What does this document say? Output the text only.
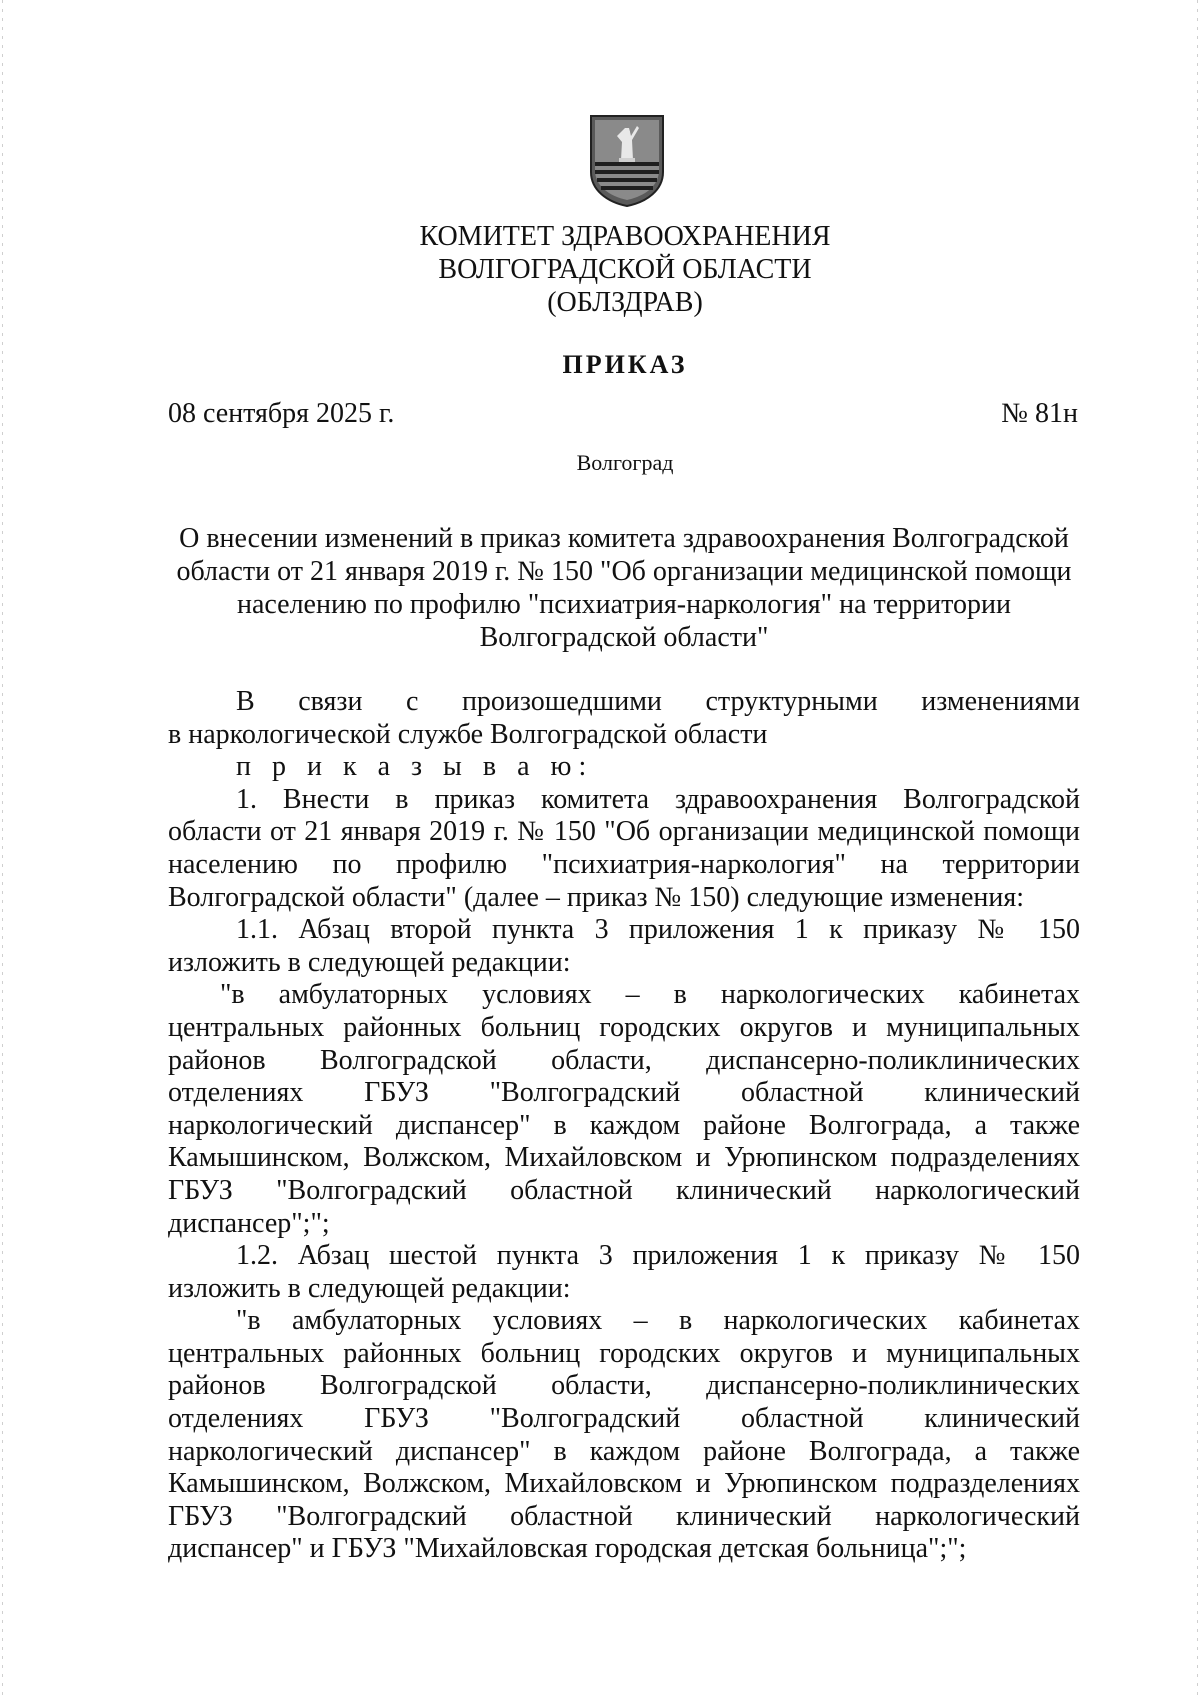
КОМИТЕТ ЗДРАВООХРАНЕНИЯ
ВОЛГОГРАДСКОЙ ОБЛАСТИ
(ОБЛЗДРАВ)
ПРИКАЗ
08 сентября 2025 г.	№ 81н
Волгоград
О внесении изменений в приказ комитета здравоохранения Волгоградской
области от 21 января 2019 г. № 150 "Об организации медицинской помощи
населению по профилю "психиатрия-наркология" на территории
Волгоградской области"
В связи с произошедшими структурными изменениями
в наркологической службе Волгоградской области
п р и к а з ы в а ю:
1. Внести в приказ комитета здравоохранения Волгоградской
области от 21 января 2019 г. № 150 "Об организации медицинской помощи
населению по профилю "психиатрия-наркология" на территории
Волгоградской области" (далее – приказ № 150) следующие изменения:
1.1. Абзац второй пункта 3 приложения 1 к приказу № 150
изложить в следующей редакции:
"в амбулаторных условиях – в наркологических кабинетах
центральных районных больниц городских округов и муниципальных
районов Волгоградской области, диспансерно-поликлинических
отделениях ГБУЗ "Волгоградский областной клинический
наркологический диспансер" в каждом районе Волгограда, а также
Камышинском, Волжском, Михайловском и Урюпинском подразделениях
ГБУЗ "Волгоградский областной клинический наркологический
диспансер";";
1.2. Абзац шестой пункта 3 приложения 1 к приказу № 150
изложить в следующей редакции:
"в амбулаторных условиях – в наркологических кабинетах
центральных районных больниц городских округов и муниципальных
районов Волгоградской области, диспансерно-поликлинических
отделениях ГБУЗ "Волгоградский областной клинический
наркологический диспансер" в каждом районе Волгограда, а также
Камышинском, Волжском, Михайловском и Урюпинском подразделениях
ГБУЗ "Волгоградский областной клинический наркологический
диспансер" и ГБУЗ "Михайловская городская детская больница";";
